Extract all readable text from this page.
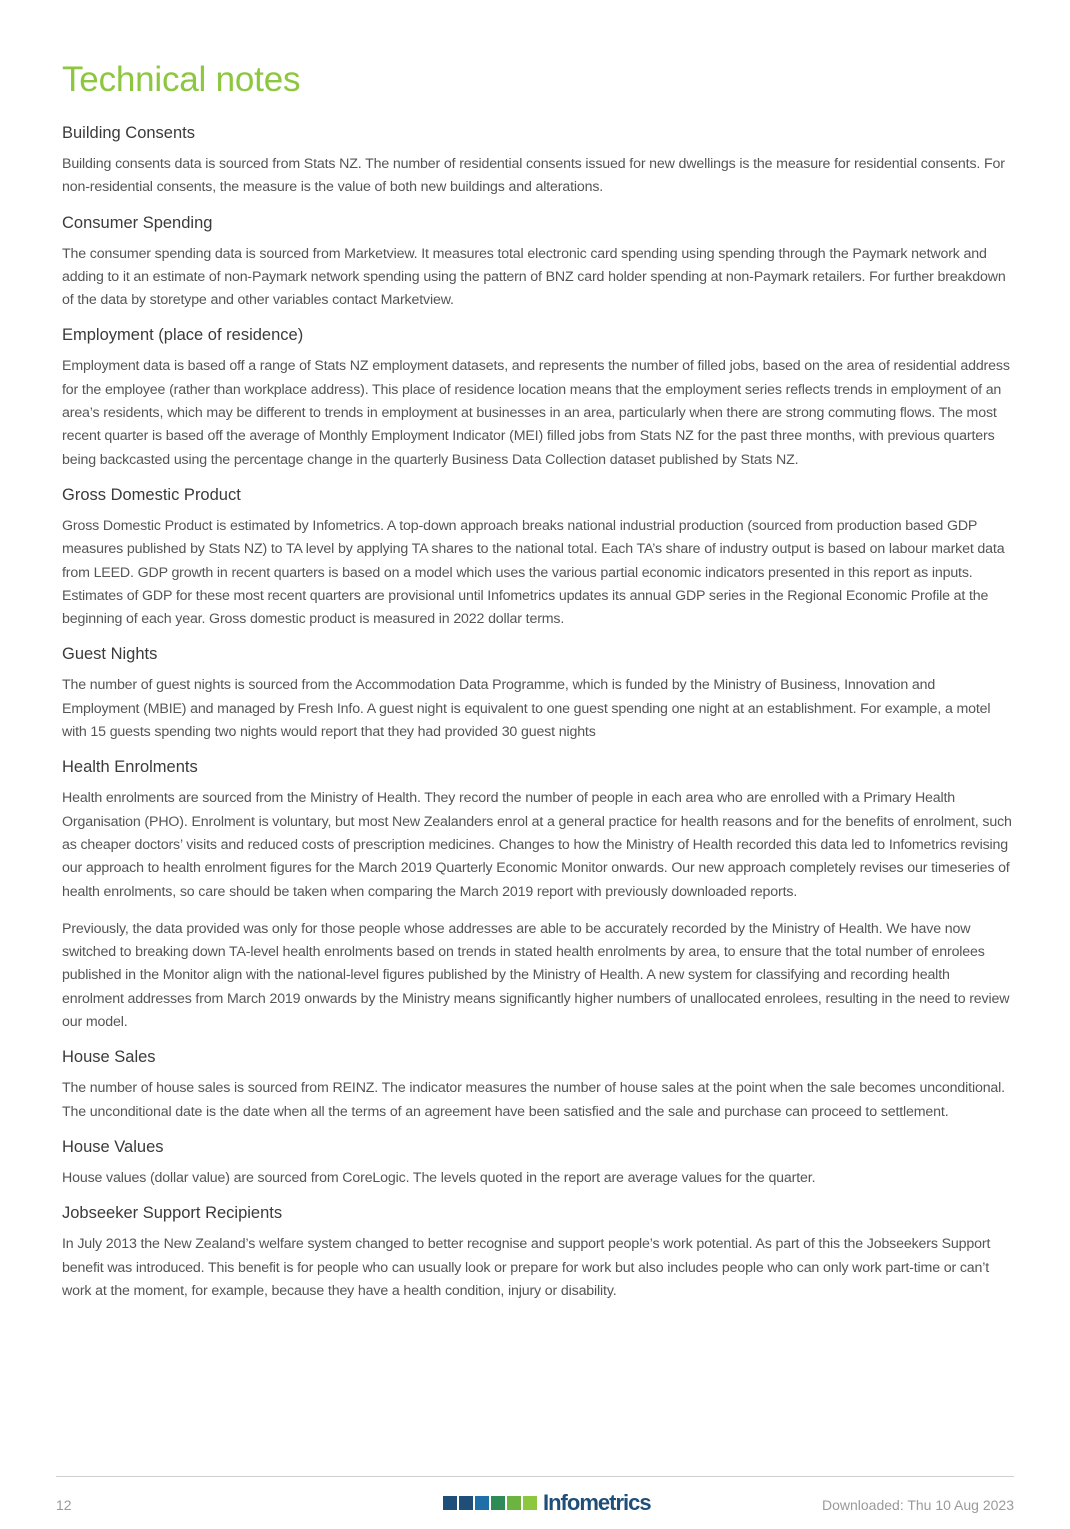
Technical notes
Building Consents

Building consents data is sourced from Stats NZ. The number of residential consents issued for new dwellings is the measure for residential consents. For non-residential consents, the measure is the value of both new buildings and alterations.

Consumer Spending

The consumer spending data is sourced from Marketview. It measures total electronic card spending using spending through the Paymark network and adding to it an estimate of non-Paymark network spending using the pattern of BNZ card holder spending at non-Paymark retailers. For further breakdown of the data by storetype and other variables contact Marketview.

Employment (place of residence)

Employment data is based off a range of Stats NZ employment datasets, and represents the number of filled jobs, based on the area of residential address for the employee (rather than workplace address). This place of residence location means that the employment series reflects trends in employment of an area’s residents, which may be different to trends in employment at businesses in an area, particularly when there are strong commuting flows. The most recent quarter is based off the average of Monthly Employment Indicator (MEI) filled jobs from Stats NZ for the past three months, with previous quarters being backcasted using the percentage change in the quarterly Business Data Collection dataset published by Stats NZ.

Gross Domestic Product

Gross Domestic Product is estimated by Infometrics. A top-down approach breaks national industrial production (sourced from production based GDP measures published by Stats NZ) to TA level by applying TA shares to the national total. Each TA’s share of industry output is based on labour market data from LEED. GDP growth in recent quarters is based on a model which uses the various partial economic indicators presented in this report as inputs. Estimates of GDP for these most recent quarters are provisional until Infometrics updates its annual GDP series in the Regional Economic Profile at the beginning of each year. Gross domestic product is measured in 2022 dollar terms.

Guest Nights

The number of guest nights is sourced from the Accommodation Data Programme, which is funded by the Ministry of Business, Innovation and Employment (MBIE) and managed by Fresh Info. A guest night is equivalent to one guest spending one night at an establishment. For example, a motel with 15 guests spending two nights would report that they had provided 30 guest nights

Health Enrolments

Health enrolments are sourced from the Ministry of Health. They record the number of people in each area who are enrolled with a Primary Health Organisation (PHO). Enrolment is voluntary, but most New Zealanders enrol at a general practice for health reasons and for the benefits of enrolment, such as cheaper doctors’ visits and reduced costs of prescription medicines. Changes to how the Ministry of Health recorded this data led to Infometrics revising our approach to health enrolment figures for the March 2019 Quarterly Economic Monitor onwards. Our new approach completely revises our timeseries of health enrolments, so care should be taken when comparing the March 2019 report with previously downloaded reports.

Previously, the data provided was only for those people whose addresses are able to be accurately recorded by the Ministry of Health. We have now switched to breaking down TA-level health enrolments based on trends in stated health enrolments by area, to ensure that the total number of enrolees published in the Monitor align with the national-level figures published by the Ministry of Health. A new system for classifying and recording health enrolment addresses from March 2019 onwards by the Ministry means significantly higher numbers of unallocated enrolees, resulting in the need to review our model.

House Sales

The number of house sales is sourced from REINZ. The indicator measures the number of house sales at the point when the sale becomes unconditional. The unconditional date is the date when all the terms of an agreement have been satisfied and the sale and purchase can proceed to settlement.

House Values

House values (dollar value) are sourced from CoreLogic. The levels quoted in the report are average values for the quarter.

Jobseeker Support Recipients

In July 2013 the New Zealand’s welfare system changed to better recognise and support people’s work potential. As part of this the Jobseekers Support benefit was introduced. This benefit is for people who can usually look or prepare for work but also includes people who can only work part-time or can’t work at the moment, for example, because they have a health condition, injury or disability.

12	Infometrics	Downloaded: Thu 10 Aug 2023
